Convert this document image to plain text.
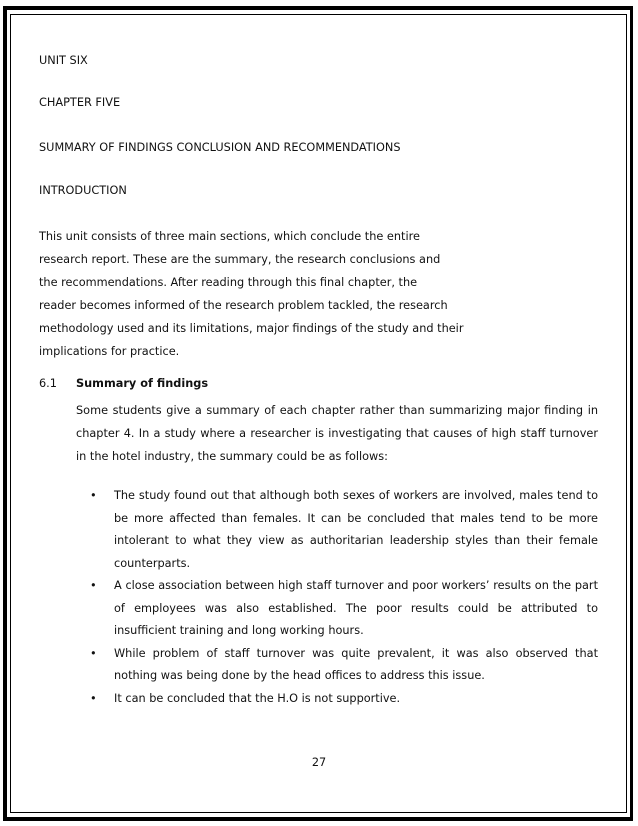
UNIT SIX
CHAPTER FIVE
SUMMARY OF FINDINGS CONCLUSION AND RECOMMENDATIONS
INTRODUCTION
This unit consists of three main sections, which conclude the entire
research report. These are the summary, the research conclusions and
the recommendations. After reading through this final chapter, the
reader becomes informed of the research problem tackled, the research
methodology used and its limitations, major findings of the study and their
implications for practice.
6.1 Summary of findings
Some students give a summary of each chapter rather than summarizing major finding in chapter 4. In a study where a researcher is investigating that causes of high staff turnover in the hotel industry, the summary could be as follows:
• The study found out that although both sexes of workers are involved, males tend to be more affected than females. It can be concluded that males tend to be more intolerant to what they view as authoritarian leadership styles than their female counterparts.
• A close association between high staff turnover and poor workers’ results on the part of employees was also established. The poor results could be attributed to insufficient training and long working hours.
• While problem of staff turnover was quite prevalent, it was also observed that nothing was being done by the head offices to address this issue.
• It can be concluded that the H.O is not supportive.
27
